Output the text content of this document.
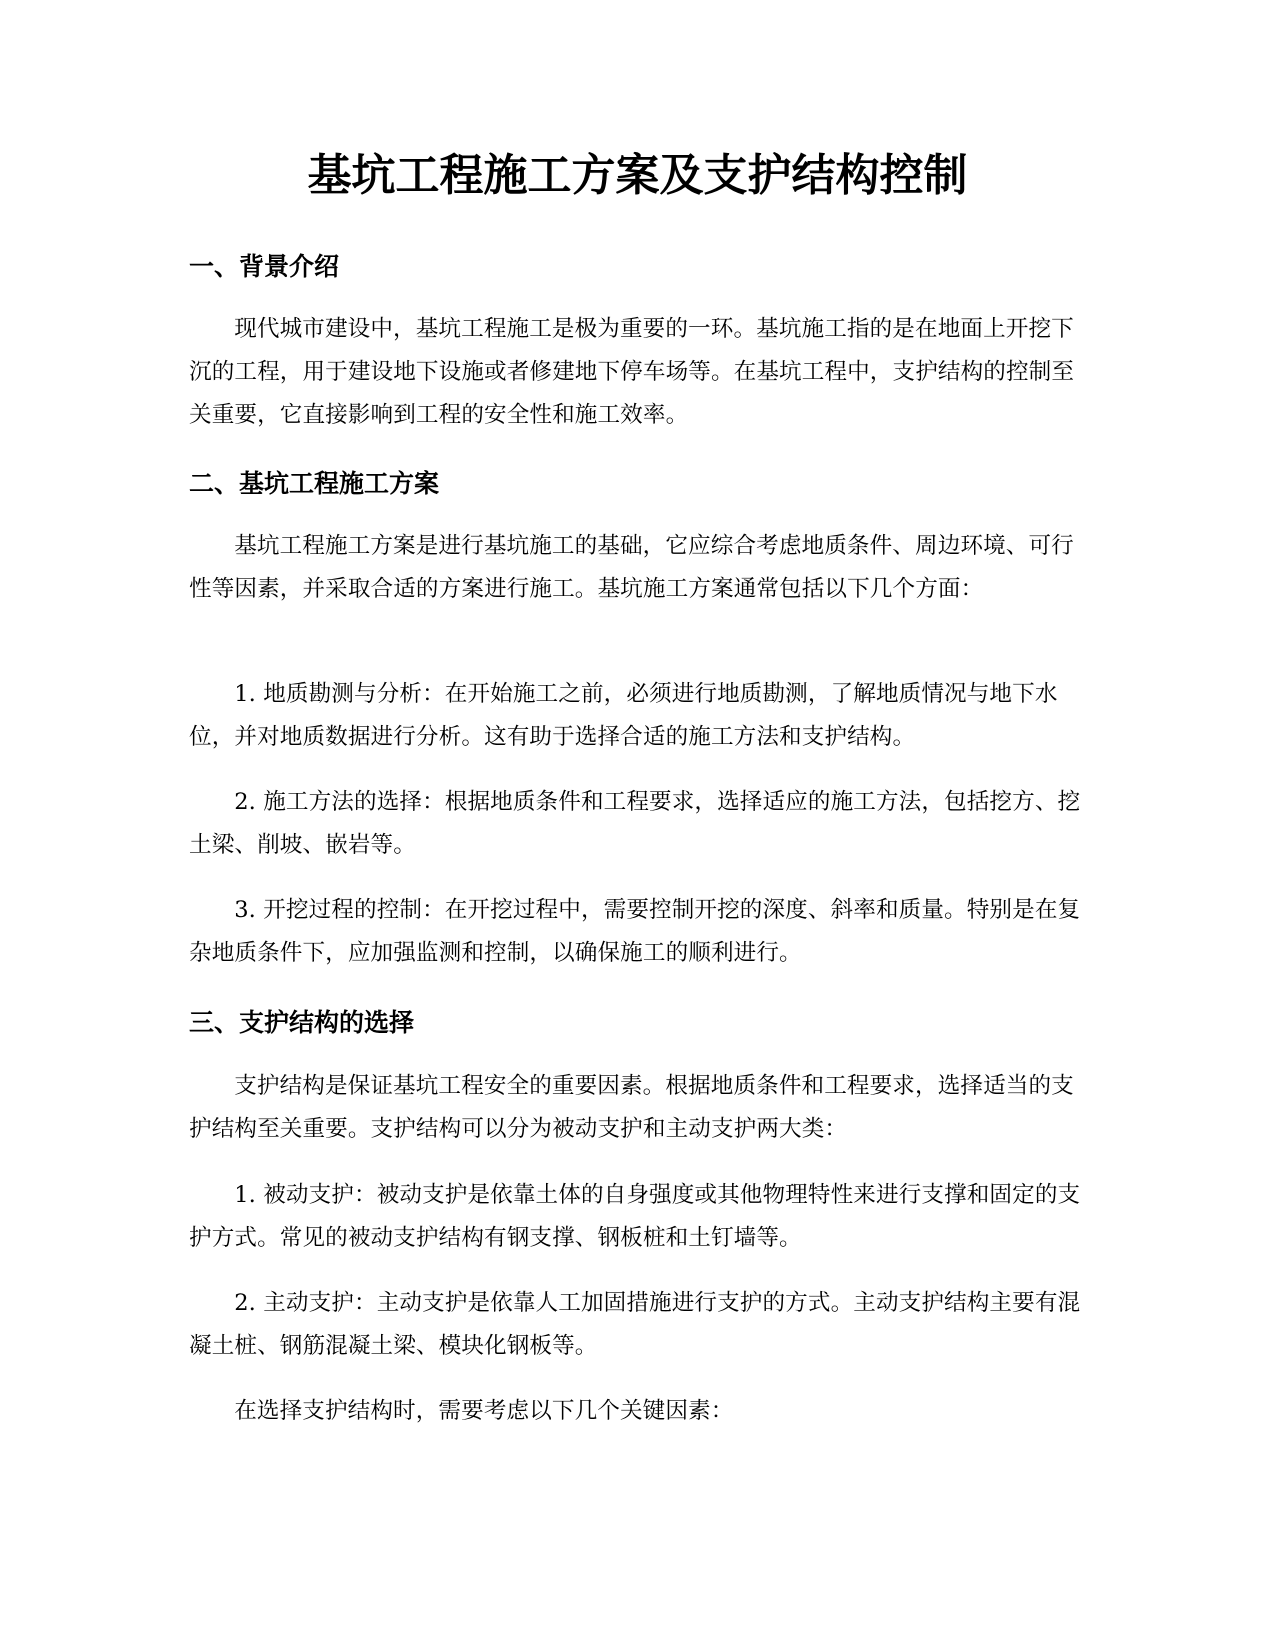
基坑工程施工方案及支护结构控制
一、背景介绍

现代城市建设中，基坑工程施工是极为重要的一环。基坑施工指的是在地面上开挖下沉的工程，用于建设地下设施或者修建地下停车场等。在基坑工程中，支护结构的控制至关重要，它直接影响到工程的安全性和施工效率。

二、基坑工程施工方案

基坑工程施工方案是进行基坑施工的基础，它应综合考虑地质条件、周边环境、可行性等因素，并采取合适的方案进行施工。基坑施工方案通常包括以下几个方面：

1. 地质勘测与分析：在开始施工之前，必须进行地质勘测，了解地质情况与地下水位，并对地质数据进行分析。这有助于选择合适的施工方法和支护结构。

2. 施工方法的选择：根据地质条件和工程要求，选择适应的施工方法，包括挖方、挖土梁、削坡、嵌岩等。

3. 开挖过程的控制：在开挖过程中，需要控制开挖的深度、斜率和质量。特别是在复杂地质条件下，应加强监测和控制，以确保施工的顺利进行。

三、支护结构的选择

支护结构是保证基坑工程安全的重要因素。根据地质条件和工程要求，选择适当的支护结构至关重要。支护结构可以分为被动支护和主动支护两大类：

1. 被动支护：被动支护是依靠土体的自身强度或其他物理特性来进行支撑和固定的支护方式。常见的被动支护结构有钢支撑、钢板桩和土钉墙等。

2. 主动支护：主动支护是依靠人工加固措施进行支护的方式。主动支护结构主要有混凝土桩、钢筋混凝土梁、模块化钢板等。

在选择支护结构时，需要考虑以下几个关键因素：
